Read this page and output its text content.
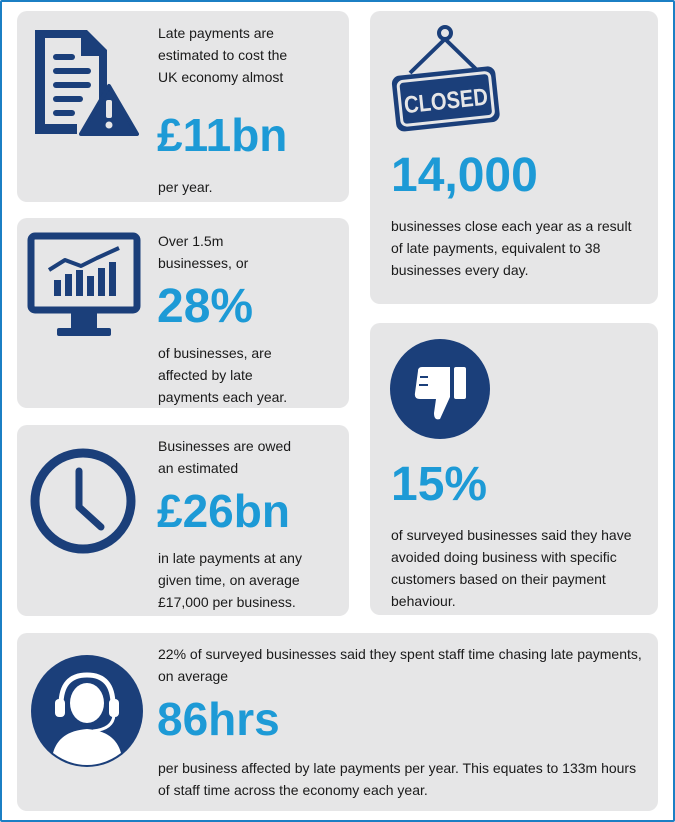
Late payments are estimated to cost the UK economy almost
£11bn
per year.
CLOSED
14,000
businesses close each year as a result of late payments, equivalent to 38 businesses every day.
Over 1.5m businesses, or
28%
of businesses, are affected by late payments each year.
Businesses are owed an estimated
£26bn
in late payments at any given time, on average £17,000 per business.
15%
of surveyed businesses said they have avoided doing business with specific customers based on their payment behaviour.
22% of surveyed businesses said they spent staff time chasing late payments, on average
86hrs
per business affected by late payments per year. This equates to 133m hours of staff time across the economy each year.
